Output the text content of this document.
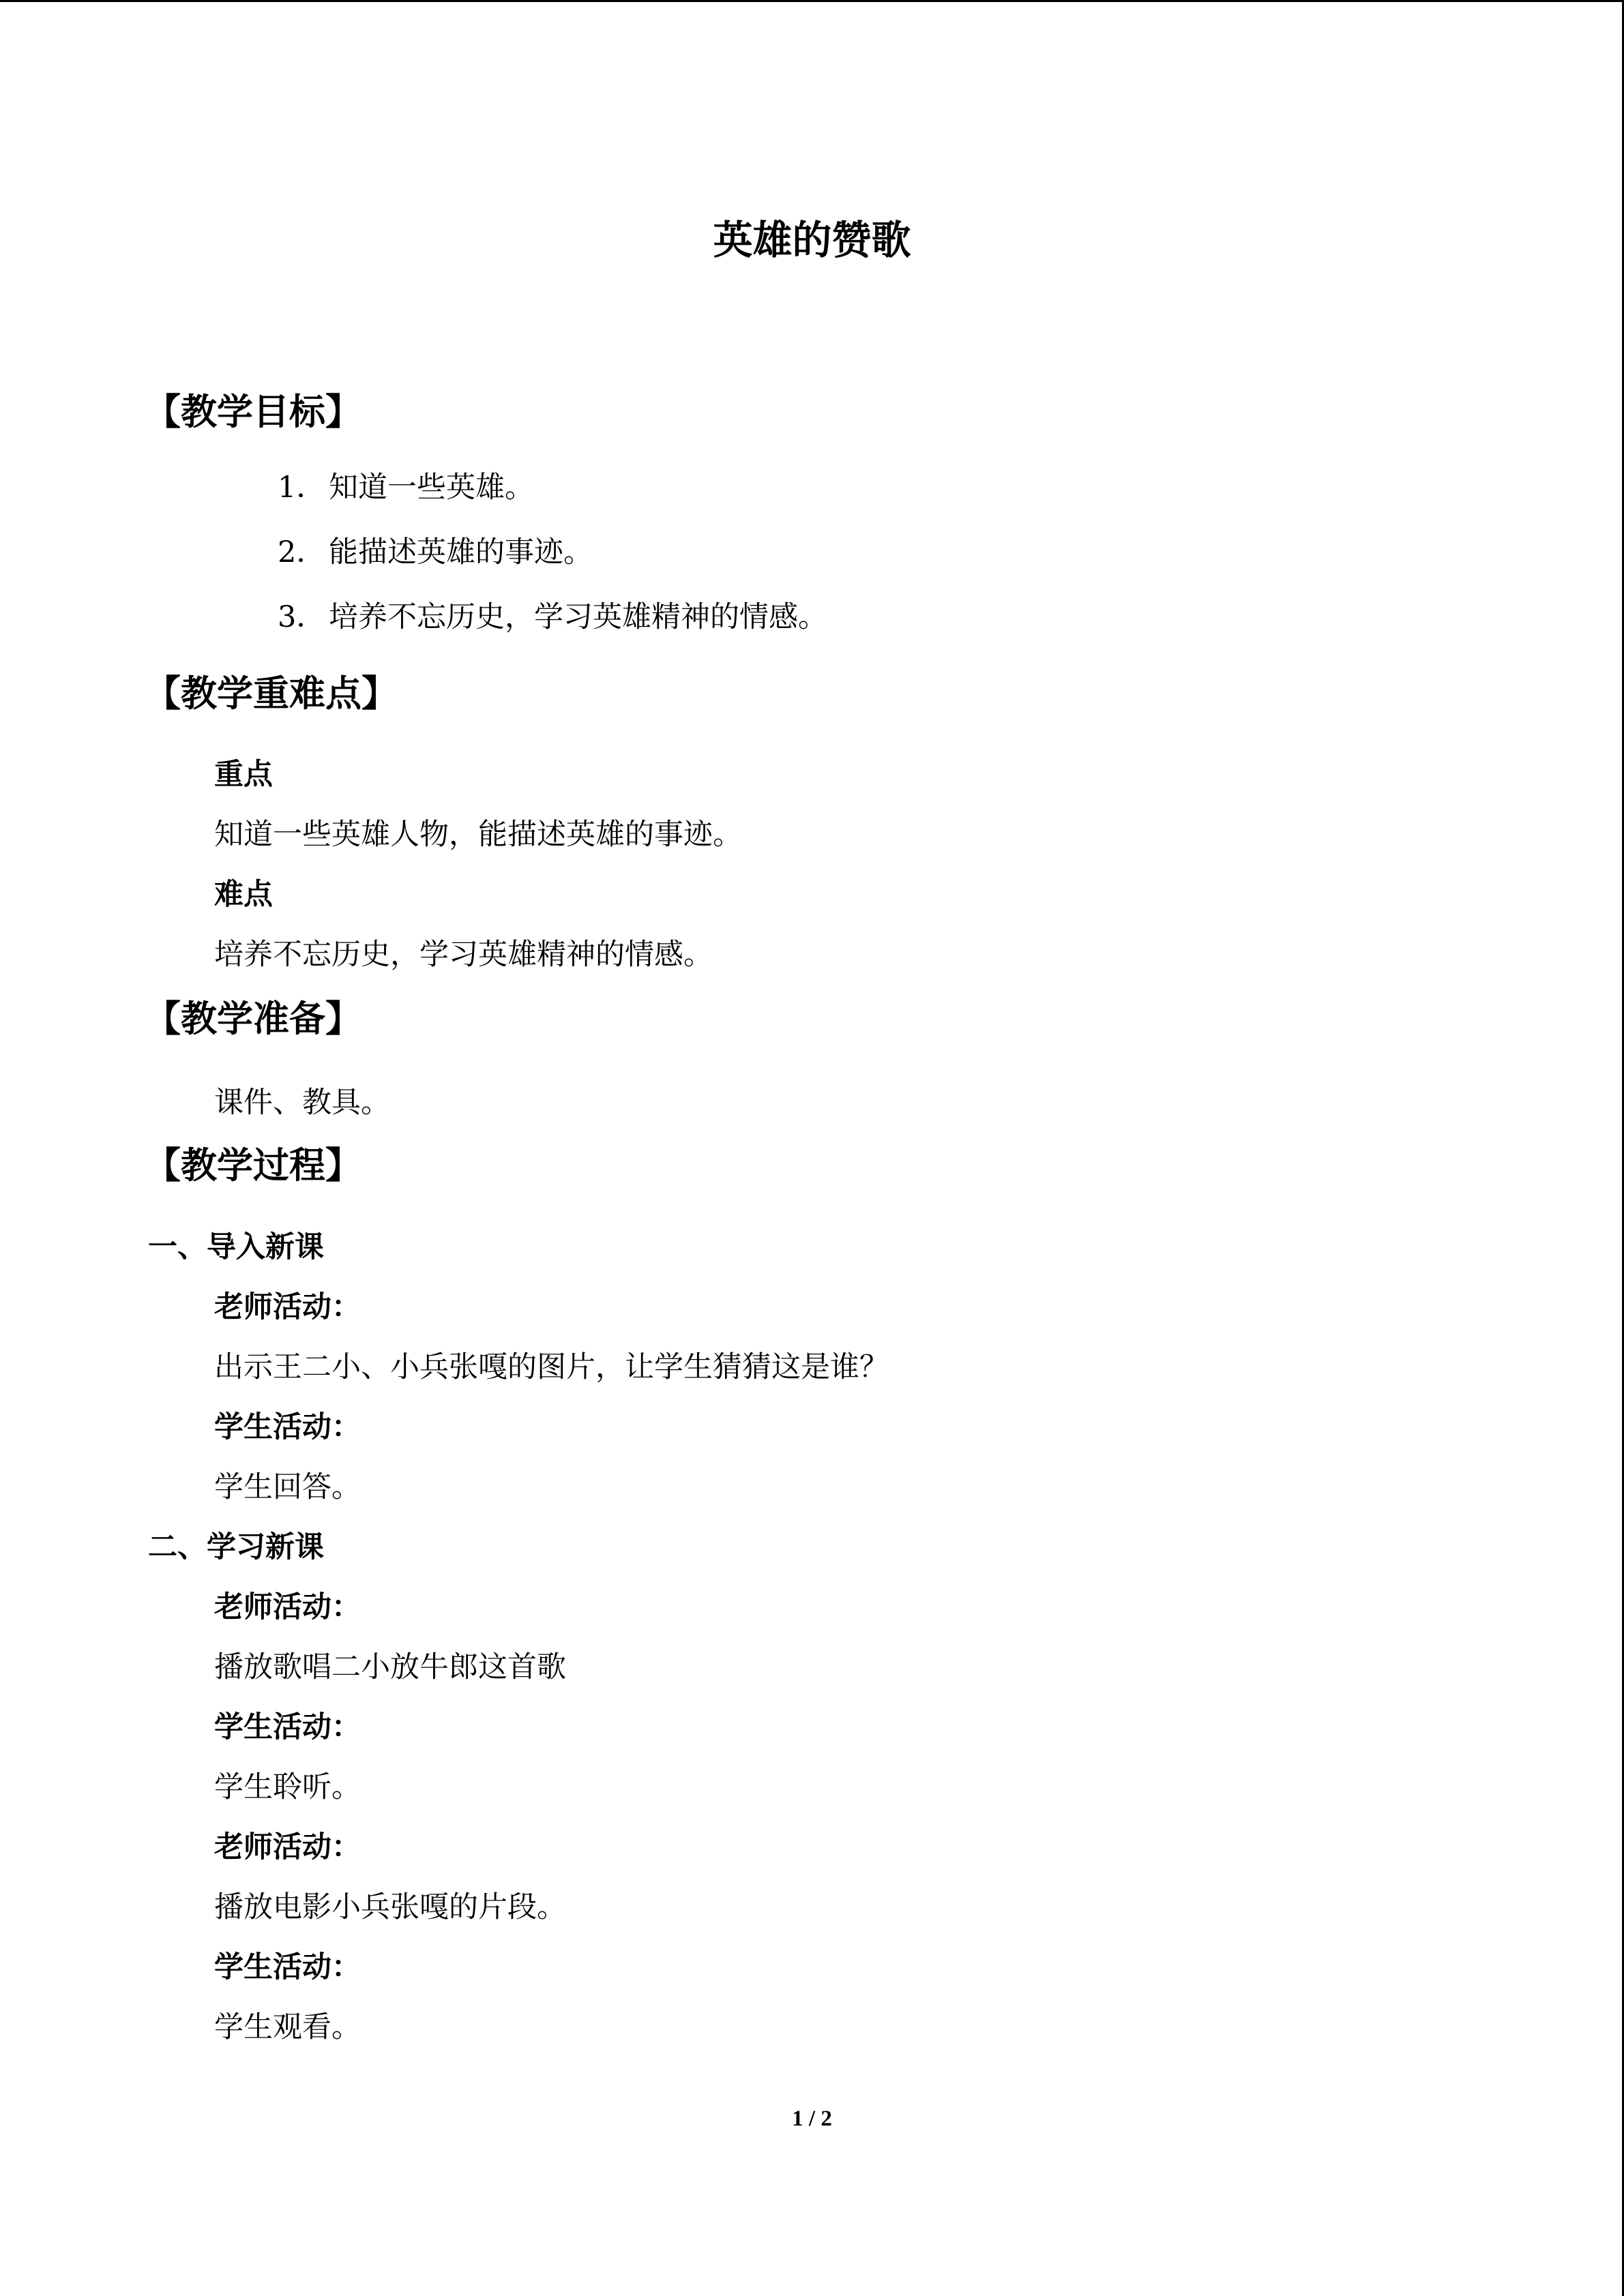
英雄的赞歌
【教学目标】
1． 知道一些英雄。
2． 能描述英雄的事迹。
3． 培养不忘历史，学习英雄精神的情感。
【教学重难点】
重点
知道一些英雄人物，能描述英雄的事迹。
难点
培养不忘历史，学习英雄精神的情感。
【教学准备】
课件、教具。
【教学过程】
一、导入新课
老师活动：
出示王二小、小兵张嘎的图片，让学生猜猜这是谁？
学生活动：
学生回答。
二、学习新课
老师活动：
播放歌唱二小放牛郎这首歌
学生活动：
学生聆听。
老师活动：
播放电影小兵张嘎的片段。
学生活动：
学生观看。
1 / 2
